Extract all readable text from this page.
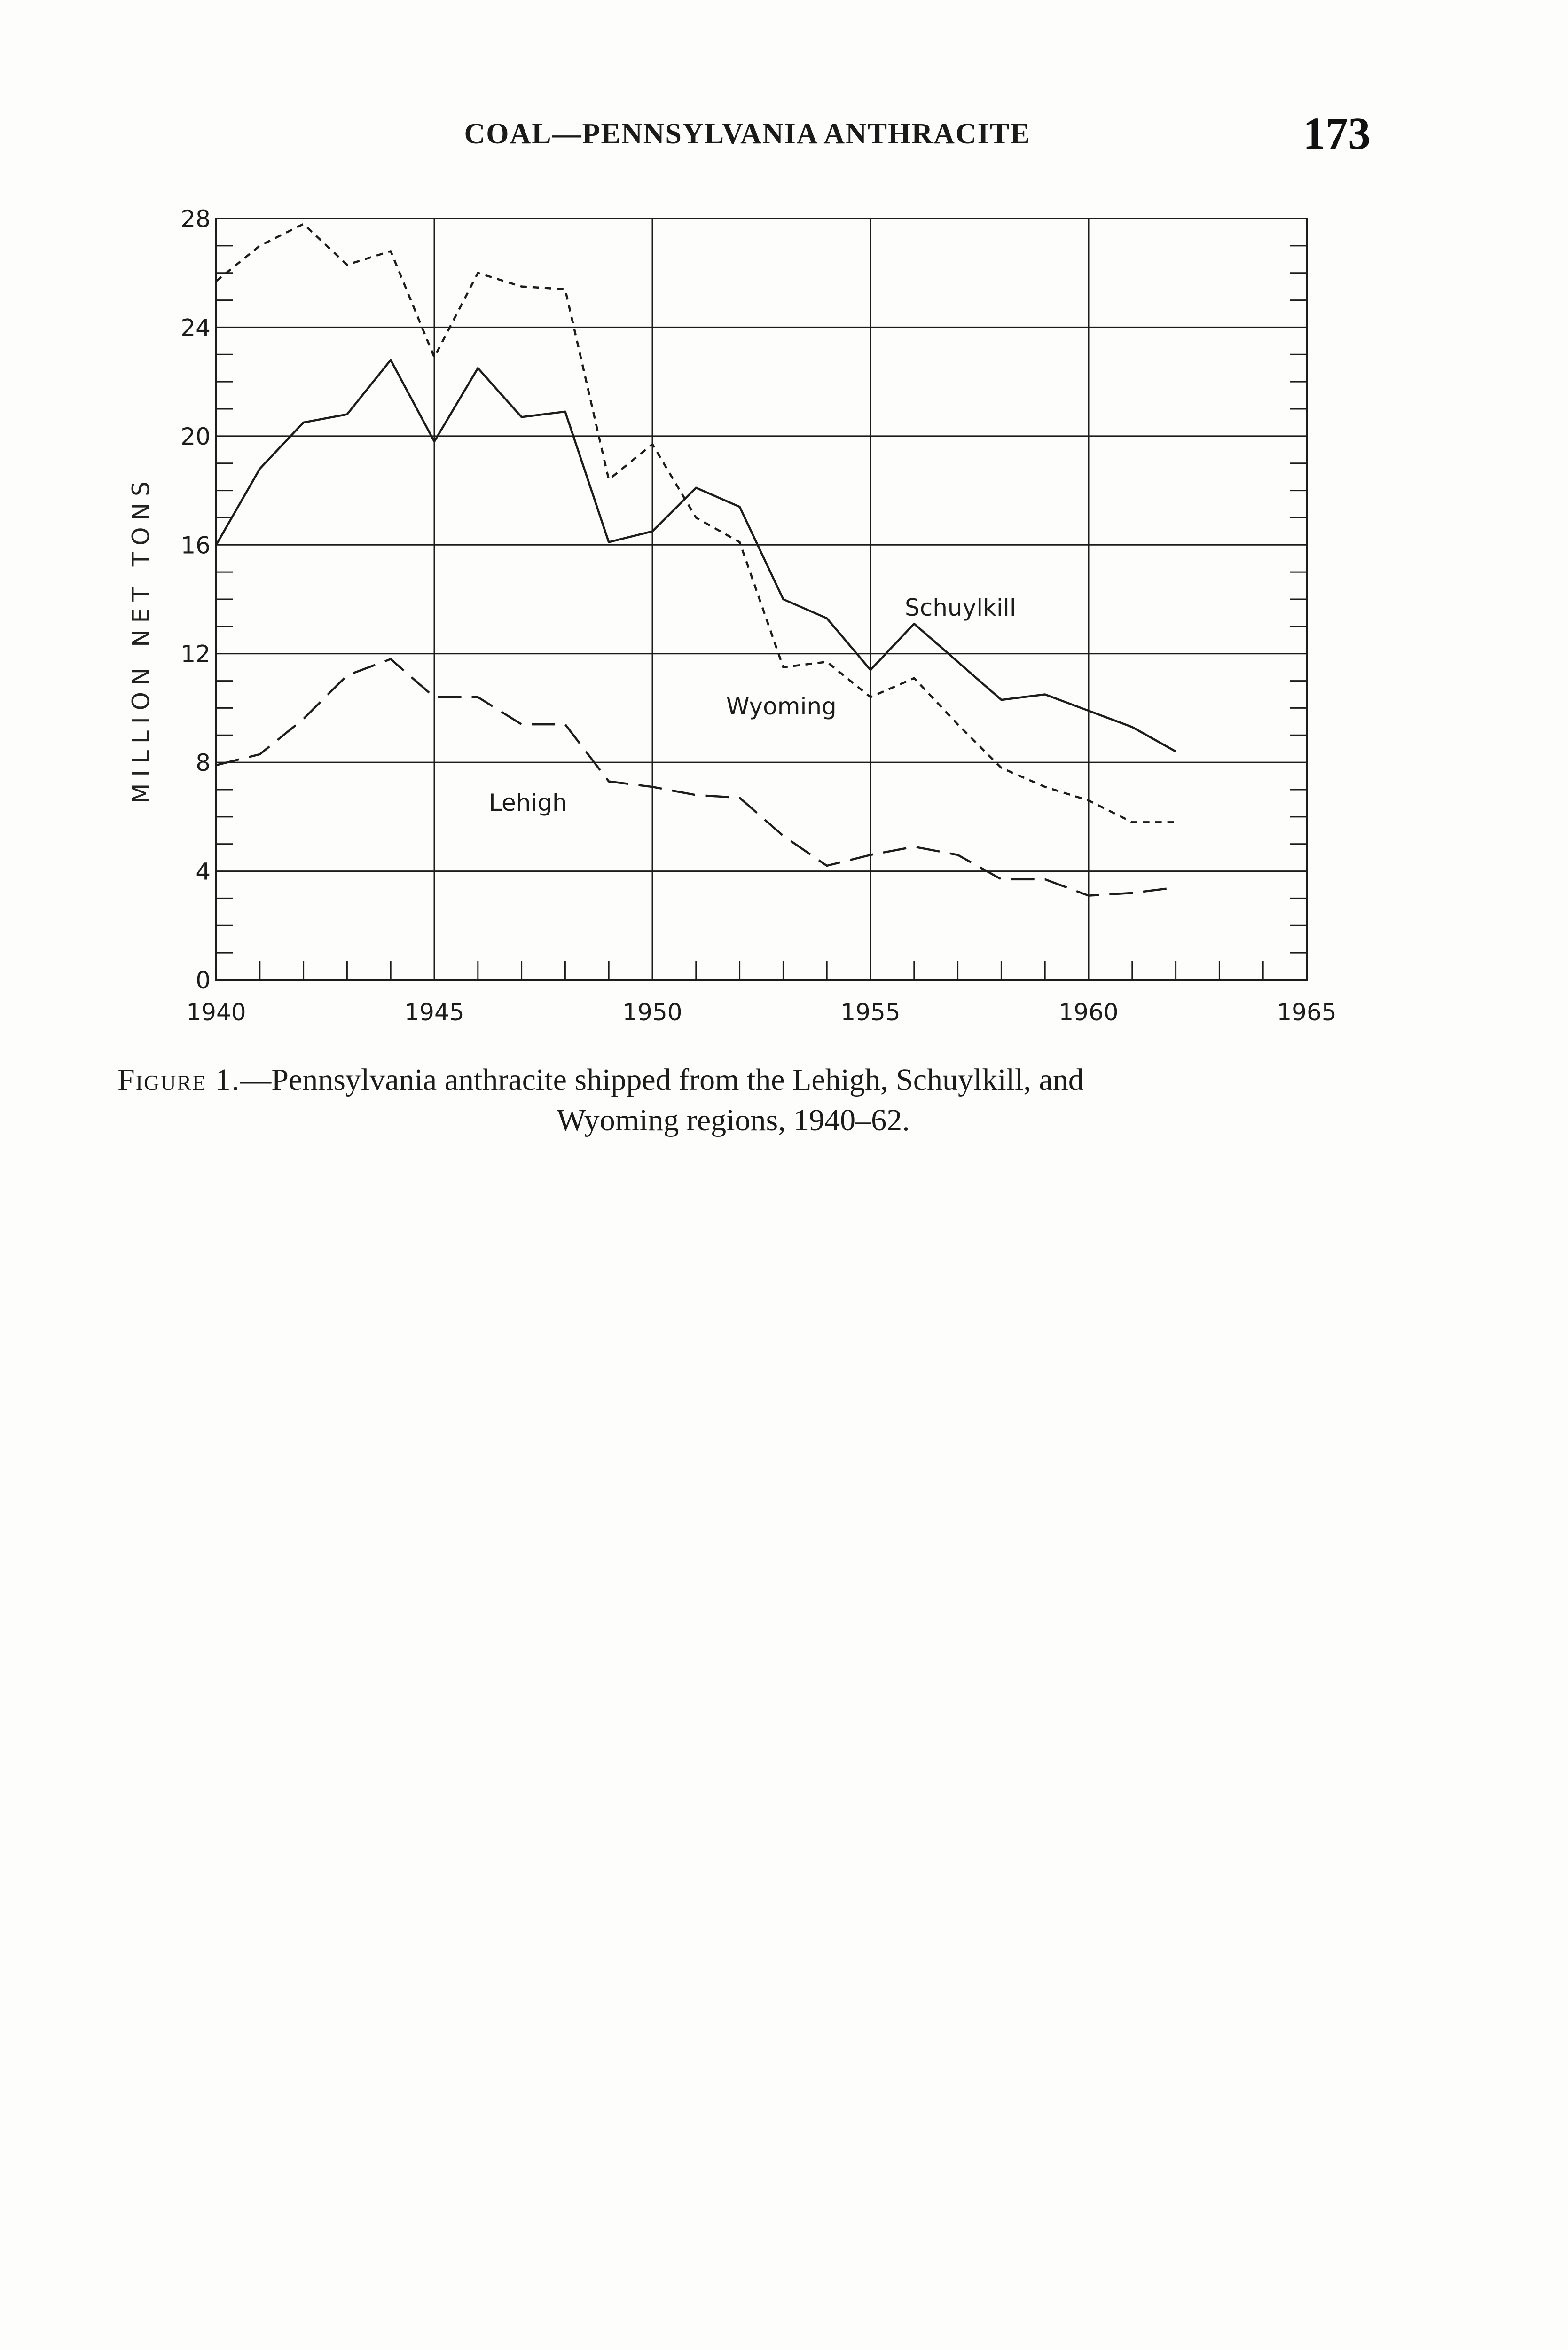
COAL—PENNSYLVANIA ANTHRACITE	173
0
4
8
12
16
20
24
28
1940	1945	1950	1955	1960	1965
Wyoming
Schuylkill
Lehigh
MILLION NET TONS
Figure 1.—Pennsylvania anthracite shipped from the Lehigh, Schuylkill, and
Wyoming regions, 1940–62.
